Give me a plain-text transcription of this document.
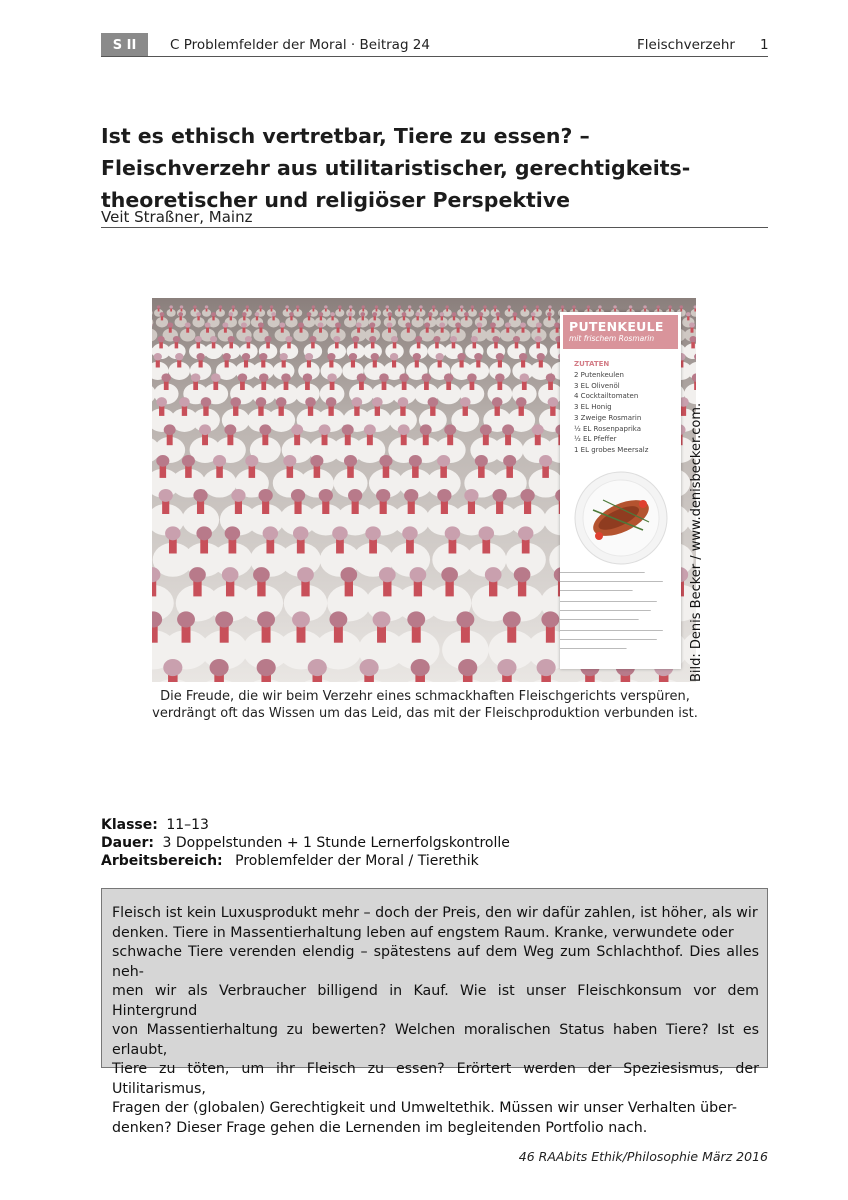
S II	C Problemfelder der Moral · Beitrag 24	Fleischverzehr 1
Ist es ethisch vertretbar, Tiere zu essen? –
Fleischverzehr aus utilitaristischer, gerechtigkeits-
theoretischer und religiöser Perspektive
Veit Straßner, Mainz
PUTENKEULE
mit frischem Rosmarin
ZUTATEN
2 Putenkeulen
3 EL Olivenöl
4 Cocktailtomaten
3 EL Honig
3 Zweige Rosmarin
½ EL Rosenpaprika
½ EL Pfeffer
1 EL grobes Meersalz	Bild: Denis Becker / www.denisbecker.com.
Die Freude, die wir beim Verzehr eines schmackhaften Fleischgerichts verspüren,
verdrängt oft das Wissen um das Leid, das mit der Fleischproduktion verbunden ist.
Klasse: 11–13
Dauer: 3 Doppelstunden + 1 Stunde Lernerfolgskontrolle
Arbeitsbereich: Problemfelder der Moral / Tierethik
Fleisch ist kein Luxusprodukt mehr – doch der Preis, den wir dafür zahlen, ist höher, als wir
denken. Tiere in Massentierhaltung leben auf engstem Raum. Kranke, verwundete oder
schwache Tiere verenden elendig – spätestens auf dem Weg zum Schlachthof. Dies alles neh-
men wir als Verbraucher billigend in Kauf. Wie ist unser Fleischkonsum vor dem Hintergrund
von Massentierhaltung zu bewerten? Welchen moralischen Status haben Tiere? Ist es erlaubt,
Tiere zu töten, um ihr Fleisch zu essen? Erörtert werden der Speziesismus, der Utilitarismus,
Fragen der (globalen) Gerechtigkeit und Umweltethik. Müssen wir unser Verhalten über-
denken? Dieser Frage gehen die Lernenden im begleitenden Portfolio nach.
46 RAAbits Ethik/Philosophie März 2016
